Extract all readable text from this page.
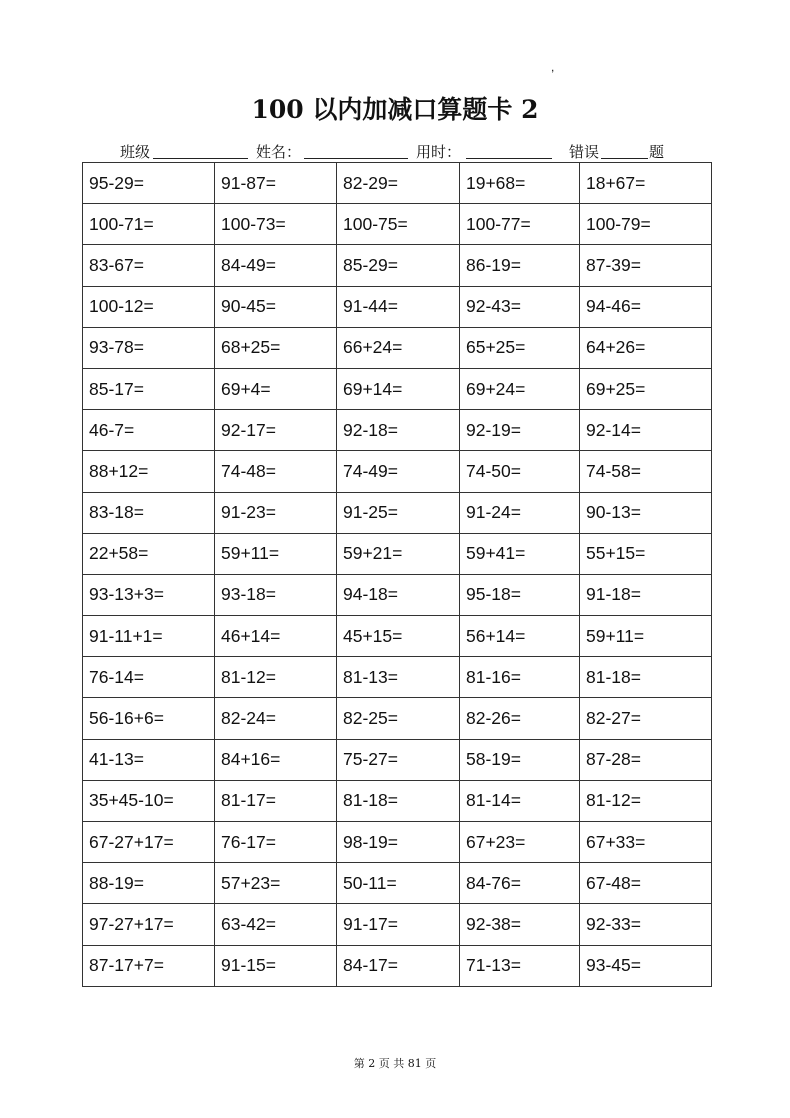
,
100 以内加减口算题卡 2
班级	姓名：	用时：	错误	题
95-29=	91-87=	82-29=	19+68=	18+67=
100-71=	100-73=	100-75=	100-77=	100-79=
83-67=	84-49=	85-29=	86-19=	87-39=
100-12=	90-45=	91-44=	92-43=	94-46=
93-78=	68+25=	66+24=	65+25=	64+26=
85-17=	69+4=	69+14=	69+24=	69+25=
46-7=	92-17=	92-18=	92-19=	92-14=
88+12=	74-48=	74-49=	74-50=	74-58=
83-18=	91-23=	91-25=	91-24=	90-13=
22+58=	59+11=	59+21=	59+41=	55+15=
93-13+3=	93-18=	94-18=	95-18=	91-18=
91-11+1=	46+14=	45+15=	56+14=	59+11=
76-14=	81-12=	81-13=	81-16=	81-18=
56-16+6=	82-24=	82-25=	82-26=	82-27=
41-13=	84+16=	75-27=	58-19=	87-28=
35+45-10=	81-17=	81-18=	81-14=	81-12=
67-27+17=	76-17=	98-19=	67+23=	67+33=
88-19=	57+23=	50-11=	84-76=	67-48=
97-27+17=	63-42=	91-17=	92-38=	92-33=
87-17+7=	91-15=	84-17=	71-13=	93-45=
第 2 页 共 81 页
